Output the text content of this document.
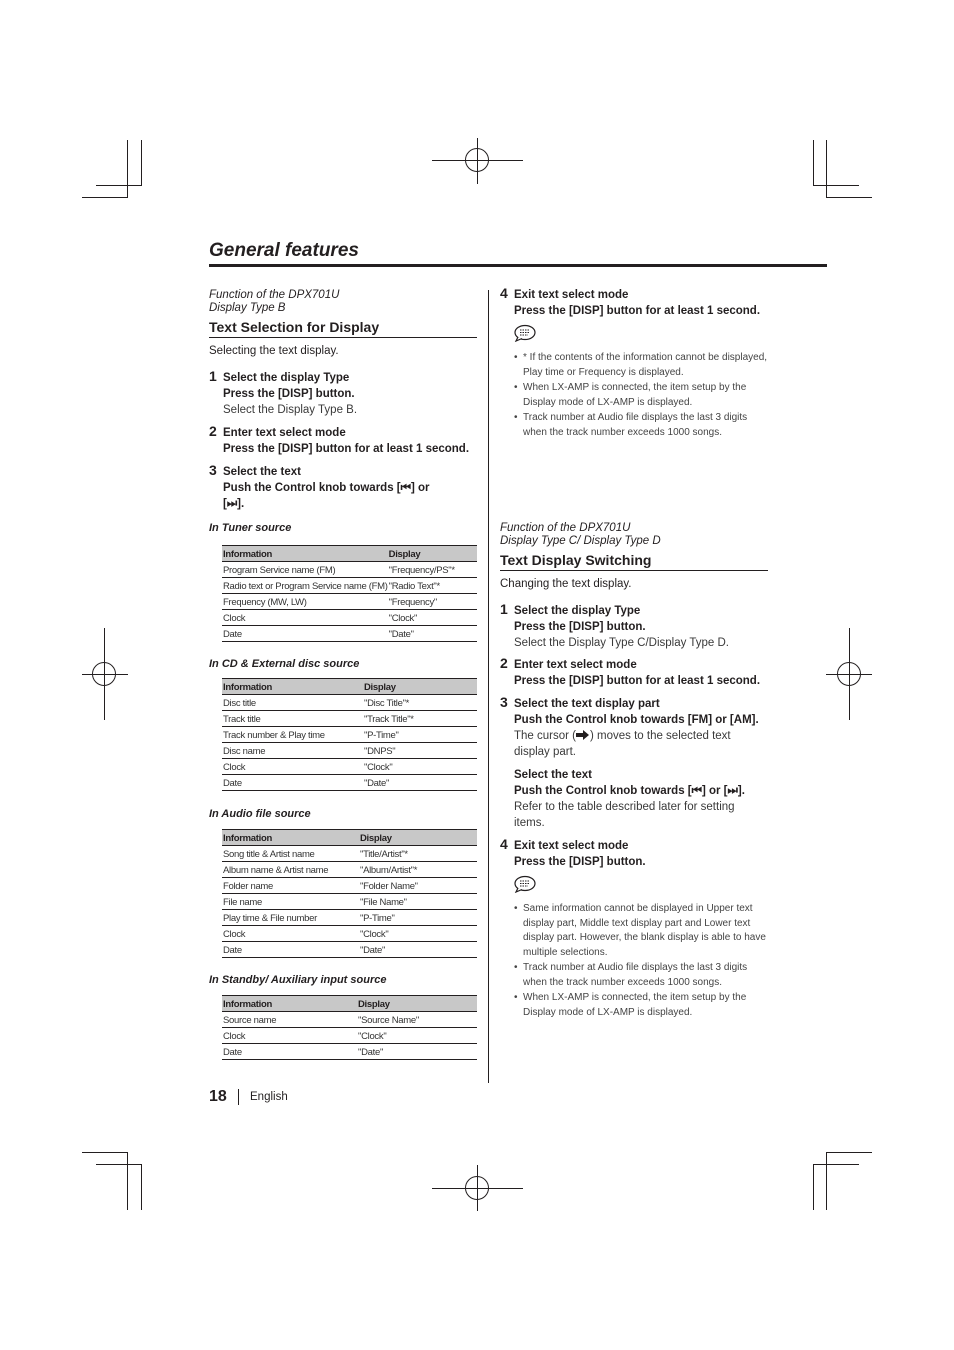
General features
Function of the DPX701U
Display Type B
Text Selection for Display
Selecting the text display.
1 Select the display Type
Press the [DISP] button.
Select the Display Type B.
2 Enter text select mode
Press the [DISP] button for at least 1 second.
3 Select the text
Push the Control knob towards [⏮] or [⏭].
In Tuner source
Information	Display
Program Service name (FM)	"Frequency/PS"*
Radio text or Program Service name (FM)	"Radio Text"*
Frequency (MW, LW)	"Frequency"
Clock	"Clock"
Date	"Date"
In CD & External disc source
Information	Display
Disc title	"Disc Title"*
Track title	"Track Title"*
Track number & Play time	"P-Time"
Disc name	"DNPS"
Clock	"Clock"
Date	"Date"
In Audio file source
Information	Display
Song title & Artist name	"Title/Artist"*
Album name & Artist name	"Album/Artist"*
Folder name	"Folder Name"
File name	"File Name"
Play time & File number	"P-Time"
Clock	"Clock"
Date	"Date"
In Standby/ Auxiliary input source
Information	Display
Source name	"Source Name"
Clock	"Clock"
Date	"Date"
4 Exit text select mode
Press the [DISP] button for at least 1 second.
• * If the contents of the information cannot be displayed, Play time or Frequency is displayed.
• When LX-AMP is connected, the item setup by the Display mode of LX-AMP is displayed.
• Track number at Audio file displays the last 3 digits when the track number exceeds 1000 songs.
Function of the DPX701U
Display Type C/ Display Type D
Text Display Switching
Changing the text display.
1 Select the display Type
Press the [DISP] button.
Select the Display Type C/Display Type D.
2 Enter text select mode
Press the [DISP] button for at least 1 second.
3 Select the text display part
Push the Control knob towards [FM] or [AM].
The cursor ( ) moves to the selected text display part.
Select the text
Push the Control knob towards [⏮] or [⏭].
Refer to the table described later for setting items.
4 Exit text select mode
Press the [DISP] button.
• Same information cannot be displayed in Upper text display part, Middle text display part and Lower text display part. However, the blank display is able to have multiple selections.
• Track number at Audio file displays the last 3 digits when the track number exceeds 1000 songs.
• When LX-AMP is connected, the item setup by the Display mode of LX-AMP is displayed.
18 English
